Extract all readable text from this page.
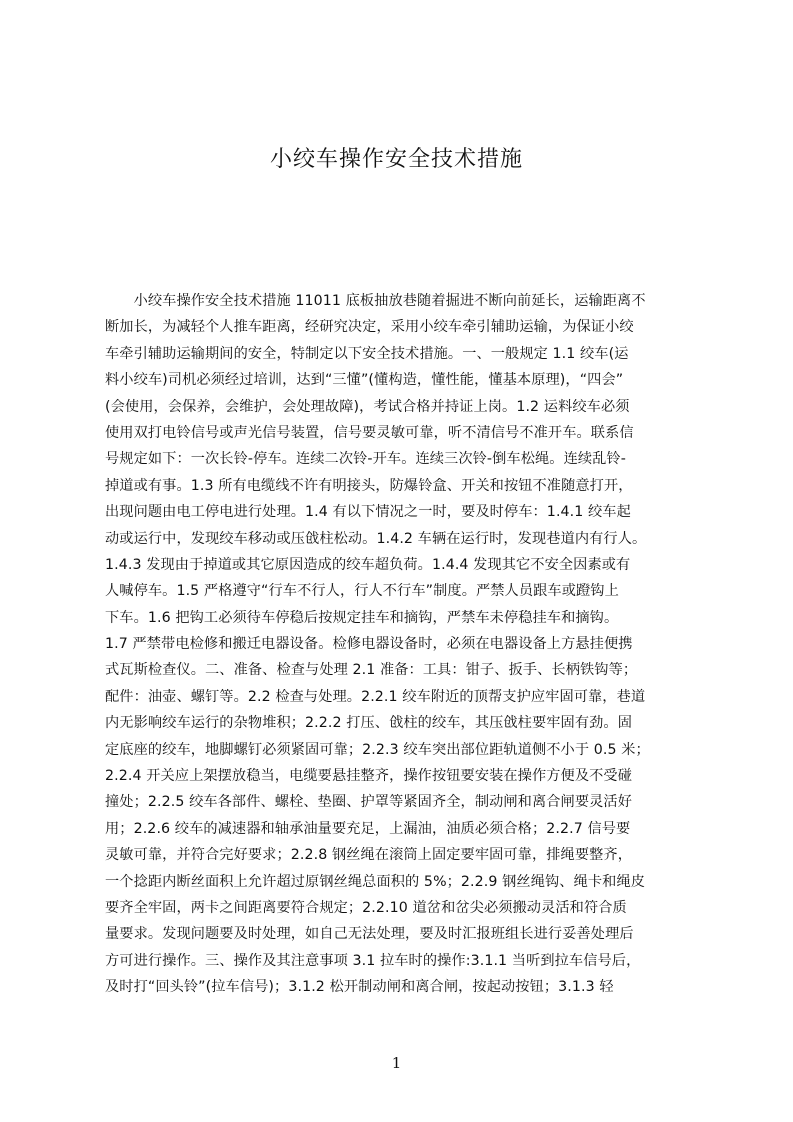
小绞车操作安全技术措施
　　小绞车操作安全技术措施 11011 底板抽放巷随着掘进不断向前延长，运输距离不
断加长，为减轻个人推车距离，经研究决定，采用小绞车牵引辅助运输，为保证小绞
车牵引辅助运输期间的安全，特制定以下安全技术措施。一、一般规定 1.1 绞车(运
料小绞车)司机必须经过培训，达到“三懂”(懂构造，懂性能，懂基本原理)，“四会”
(会使用，会保养，会维护，会处理故障)，考试合格并持证上岗。1.2 运料绞车必须
使用双打电铃信号或声光信号装置，信号要灵敏可靠，听不清信号不准开车。联系信
号规定如下：一次长铃-停车。连续二次铃-开车。连续三次铃-倒车松绳。连续乱铃-
掉道或有事。1.3 所有电缆线不许有明接头，防爆铃盒、开关和按钮不准随意打开，
出现问题由电工停电进行处理。1.4 有以下情况之一时，要及时停车：1.4.1 绞车起
动或运行中，发现绞车移动或压戗柱松动。1.4.2 车辆在运行时，发现巷道内有行人。
1.4.3 发现由于掉道或其它原因造成的绞车超负荷。1.4.4 发现其它不安全因素或有
人喊停车。1.5 严格遵守“行车不行人，行人不行车”制度。严禁人员跟车或蹬钩上
下车。1.6 把钩工必须待车停稳后按规定挂车和摘钩，严禁车未停稳挂车和摘钩。
1.7 严禁带电检修和搬迁电器设备。检修电器设备时，必须在电器设备上方悬挂便携
式瓦斯检查仪。二、准备、检查与处理 2.1 准备：工具：钳子、扳手、长柄铁钩等；
配件：油壶、螺钉等。2.2 检查与处理。2.2.1 绞车附近的顶帮支护应牢固可靠，巷道
内无影响绞车运行的杂物堆积；2.2.2 打压、戗柱的绞车，其压戗柱要牢固有劲。固
定底座的绞车，地脚螺钉必须紧固可靠；2.2.3 绞车突出部位距轨道侧不小于 0.5 米；
2.2.4 开关应上架摆放稳当，电缆要悬挂整齐，操作按钮要安装在操作方便及不受碰
撞处；2.2.5 绞车各部件、螺栓、垫圈、护罩等紧固齐全，制动闸和离合闸要灵活好
用；2.2.6 绞车的减速器和轴承油量要充足，上漏油，油质必须合格；2.2.7 信号要
灵敏可靠，并符合完好要求；2.2.8 钢丝绳在滚筒上固定要牢固可靠，排绳要整齐，
一个捻距内断丝面积上允许超过原钢丝绳总面积的 5%；2.2.9 钢丝绳钩、绳卡和绳皮
要齐全牢固，两卡之间距离要符合规定；2.2.10 道岔和岔尖必须搬动灵活和符合质
量要求。发现问题要及时处理，如自己无法处理，要及时汇报班组长进行妥善处理后
方可进行操作。三、操作及其注意事项 3.1 拉车时的操作:3.1.1 当听到拉车信号后，
及时打“回头铃”(拉车信号)；3.1.2 松开制动闸和离合闸，按起动按钮；3.1.3 轻
1
